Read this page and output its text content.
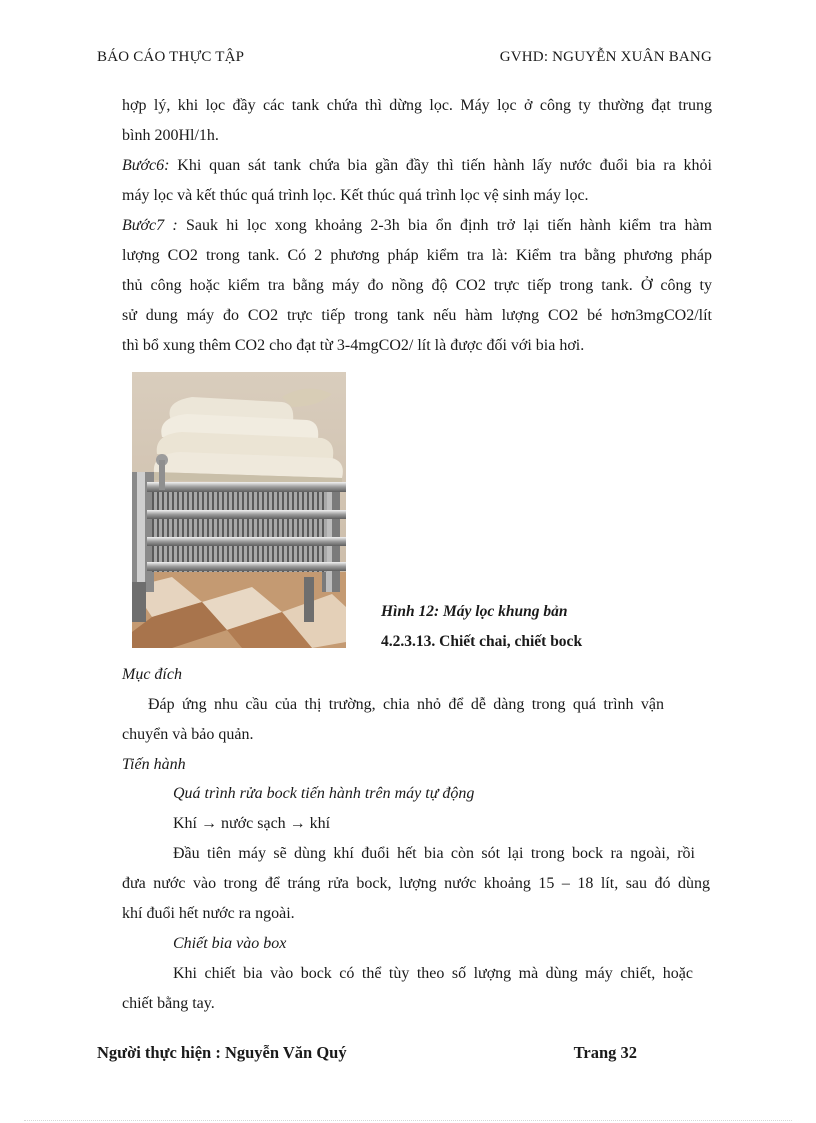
BÁO CÁO THỰC TẬP	GVHD: NGUYỄN XUÂN BANG
hợp lý, khi lọc đầy các tank chứa thì dừng lọc. Máy lọc ở công ty thường đạt trung
bình 200Hl/1h.
Bước6: Khi quan sát tank chứa bia gần đầy thì tiến hành lấy nước đuổi bia ra khỏi
máy lọc và kết thúc quá trình lọc. Kết thúc quá trình lọc vệ sinh máy lọc.
Bước7 : Sauk hi lọc xong khoảng 2-3h bia ổn định trở lại tiến hành kiểm tra hàm
lượng CO2 trong tank. Có 2 phương pháp kiểm tra là: Kiểm tra bằng phương pháp
thủ công hoặc kiểm tra bằng máy đo nồng độ CO2 trực tiếp trong tank. Ở công ty
sử dung máy đo CO2 trực tiếp trong tank nếu hàm lượng CO2 bé hơn3mgCO2/lít
thì bổ xung thêm CO2 cho đạt từ 3-4mgCO2/ lít là được đối với bia hơi.
Hình 12: Máy lọc khung bản
4.2.3.13. Chiết chai, chiết bock
Mục đích
Đáp ứng nhu cầu của thị trường, chia nhỏ để dễ dàng trong quá trình vận
chuyển và bảo quản.
Tiến hành
Quá trình rửa bock tiến hành trên máy tự động
Khí → nước sạch → khí
Đầu tiên máy sẽ dùng khí đuổi hết bia còn sót lại trong bock ra ngoài, rồi
đưa nước vào trong để tráng rửa bock, lượng nước khoảng 15 – 18 lít, sau đó dùng
khí đuổi hết nước ra ngoài.
Chiết bia vào box
Khi chiết bia vào bock có thể tùy theo số lượng mà dùng máy chiết, hoặc
chiết bằng tay.
Người thực hiện : Nguyễn Văn Quý	Trang 32
